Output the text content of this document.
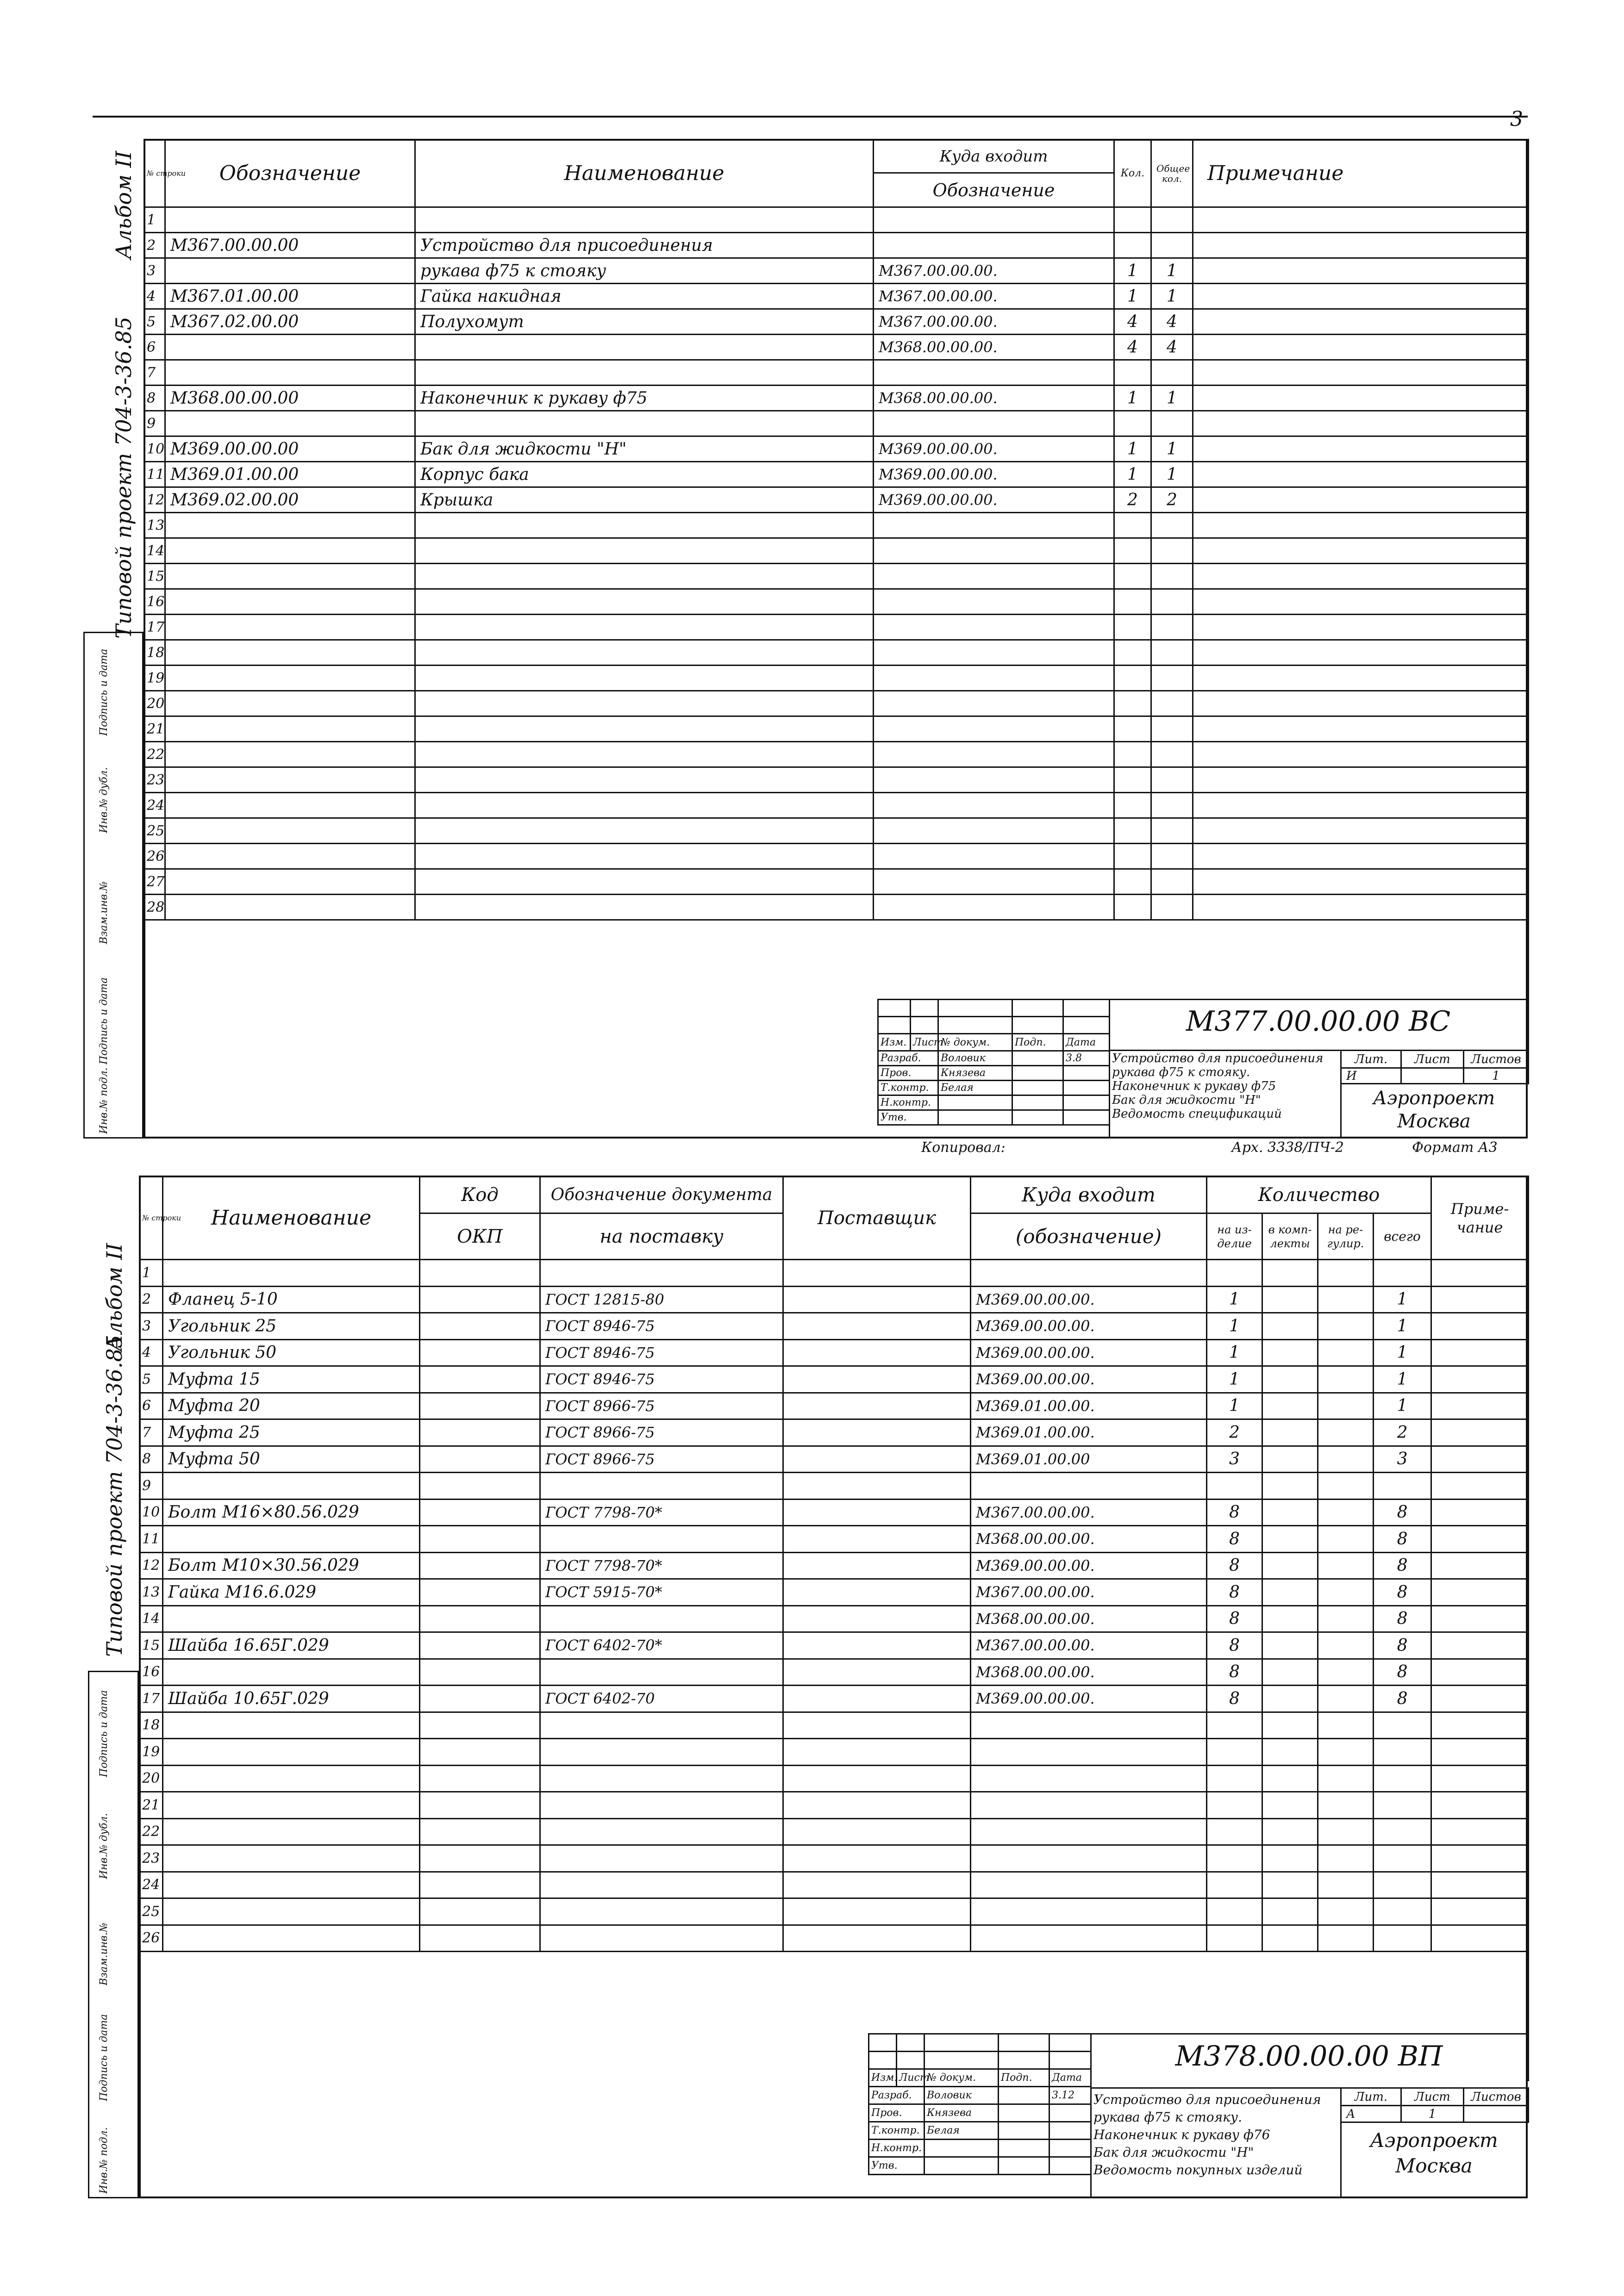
3
Типовой проект 704-3-36.85
Альбом II
Инв.№ подл.
Подпись и дата
Взам.инв.№
Инв.№ дубл.
Подпись и дата
№ строки	Обозначение	Наименование	Куда входит	Кол.	Общее кол.	Примечание
			Обозначение			
1						
2	М367.00.00.00	Устройство для присоединения				
3		рукава ф75 к стояку	М367.00.00.00.	1	1	
4	М367.01.00.00	Гайка накидная	М367.00.00.00.	1	1	
5	М367.02.00.00	Полухомут	М367.00.00.00.	4	4	
6			М368.00.00.00.	4	4	
7						
8	М368.00.00.00	Наконечник к рукаву ф75	М368.00.00.00.	1	1	
9						
10	М369.00.00.00	Бак для жидкости "Н"	М369.00.00.00.	1	1	
11	М369.01.00.00	Корпус бака	М369.00.00.00.	1	1	
12	М369.02.00.00	Крышка	М369.00.00.00.	2	2	
13						
14						
15						
16						
17						
18						
19						
20						
21						
22						
23						
24						
25						
26						
27						
28						

Изм.	Лист	№ докум.	Подп.	Дата
Разраб.		Воловик		3.8
Пров.		Князева		
Т.контр.		Белая		
Н.контр.				
Утв.				
М377.00.00.00 ВС
Устройство для присоединения
рукава ф75 к стояку.
Наконечник к рукаву ф75
Бак для жидкости "Н"
Ведомость спецификаций
Лит.	Лист	Листов
И		1
Аэропроект
Москва
Копировал:	Арх. 3338/ПЧ-2	Формат А3
Типовой проект 704-3-36.85
Альбом II
Инв.№ подл.
Подпись и дата
Взам.инв.№
Инв.№ дубл.
Подпись и дата
№ строки	Наименование	Код	Обозначение документа	Поставщик	Куда входит	Количество				Приме-чание
		ОКП	на поставку		(обозначение)	на из-делие	в комп-лекты	на ре-гулир.	всего	
1										
2	Фланец 5-10		ГОСТ 12815-80		М369.00.00.00.	1			1	
3	Угольник 25		ГОСТ 8946-75		М369.00.00.00.	1			1	
4	Угольник 50		ГОСТ 8946-75		М369.00.00.00.	1			1	
5	Муфта 15		ГОСТ 8946-75		М369.00.00.00.	1			1	
6	Муфта 20		ГОСТ 8966-75		М369.01.00.00.	1			1	
7	Муфта 25		ГОСТ 8966-75		М369.01.00.00.	2			2	
8	Муфта 50		ГОСТ 8966-75		М369.01.00.00	3			3	
9										
10	Болт М16×80.56.029		ГОСТ 7798-70*		М367.00.00.00.	8			8	
11					М368.00.00.00.	8			8	
12	Болт М10×30.56.029		ГОСТ 7798-70*		М369.00.00.00.	8			8	
13	Гайка М16.6.029		ГОСТ 5915-70*		М367.00.00.00.	8			8	
14					М368.00.00.00.	8			8	
15	Шайба 16.65Г.029		ГОСТ 6402-70*		М367.00.00.00.	8			8	
16					М368.00.00.00.	8			8	
17	Шайба 10.65Г.029		ГОСТ 6402-70		М369.00.00.00.	8			8	
18										
19										
20										
21										
22										
23										
24										
25										
26										

Изм.	Лист	№ докум.	Подп.	Дата
Разраб.		Воловик		3.12
Пров.		Князева		
Т.контр.		Белая		
Н.контр.				
Утв.				
М378.00.00.00 ВП
Устройство для присоединения
рукава ф75 к стояку.
Наконечник к рукаву ф76
Бак для жидкости "Н"
Ведомость покупных изделий
Лит.	Лист	Листов
А	1	
Аэропроект
Москва
